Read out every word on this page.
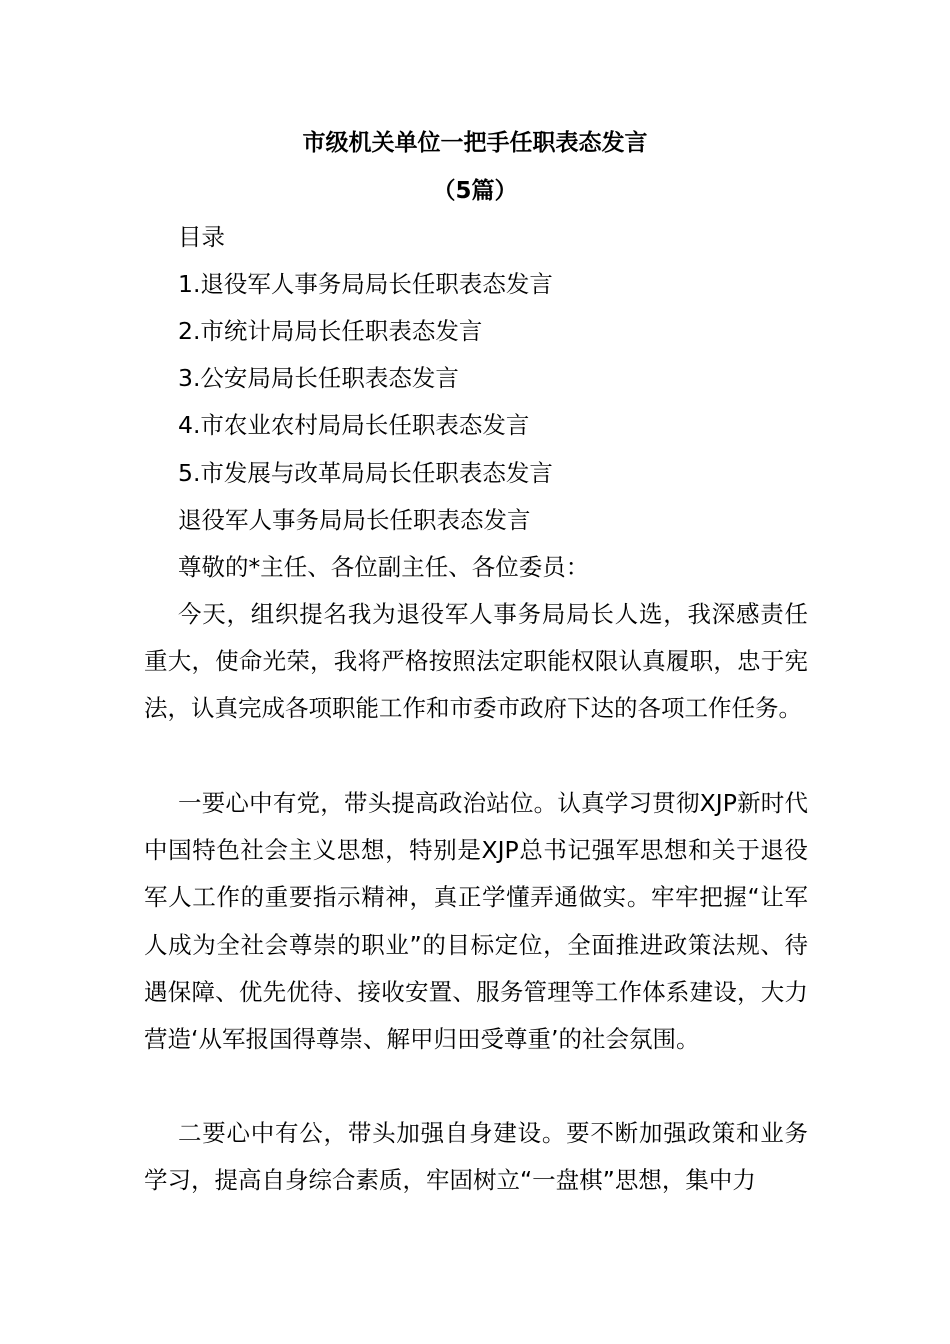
市级机关单位一把手任职表态发言
（5篇）
目录
1.退役军人事务局局长任职表态发言
2.市统计局局长任职表态发言
3.公安局局长任职表态发言
4.市农业农村局局长任职表态发言
5.市发展与改革局局长任职表态发言
退役军人事务局局长任职表态发言
尊敬的*主任、各位副主任、各位委员：

今天，组织提名我为退役军人事务局局长人选，我深感责任重大，使命光荣，我将严格按照法定职能权限认真履职，忠于宪法，认真完成各项职能工作和市委市政府下达的各项工作任务。

一要心中有党，带头提高政治站位。认真学习贯彻XJP新时代中国特色社会主义思想，特别是XJP总书记强军思想和关于退役军人工作的重要指示精神，真正学懂弄通做实。牢牢把握“让军人成为全社会尊崇的职业”的目标定位，全面推进政策法规、待遇保障、优先优待、接收安置、服务管理等工作体系建设，大力营造‘从军报国得尊崇、解甲归田受尊重’的社会氛围。

二要心中有公，带头加强自身建设。要不断加强政策和业务学习，提高自身综合素质，牢固树立“一盘棋”思想，集中力
